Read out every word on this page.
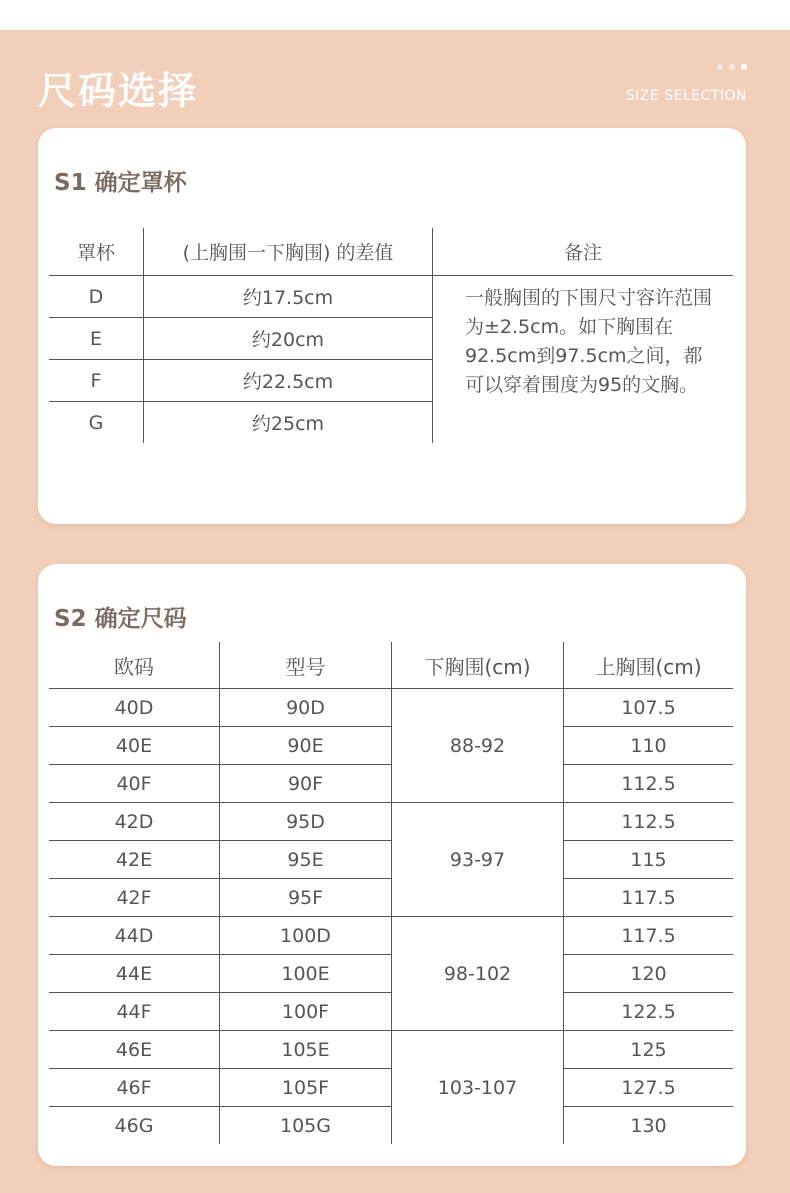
尺码选择	SIZE SELECTION
S1 确定罩杯
罩杯	(上胸围一下胸围) 的差值	备注
D	约17.5cm	一般胸围的下围尺寸容许范围为±2.5cm。如下胸围在92.5cm到97.5cm之间，都可以穿着围度为95的文胸。
E	约20cm	
F	约22.5cm	
G	约25cm	
S2 确定尺码
欧码	型号	下胸围(cm)	上胸围(cm)
40D	90D	88-92	107.5
40E	90E		110
40F	90F		112.5
42D	95D	93-97	112.5
42E	95E		115
42F	95F		117.5
44D	100D	98-102	117.5
44E	100E		120
44F	100F		122.5
46E	105E	103-107	125
46F	105F		127.5
46G	105G		130
